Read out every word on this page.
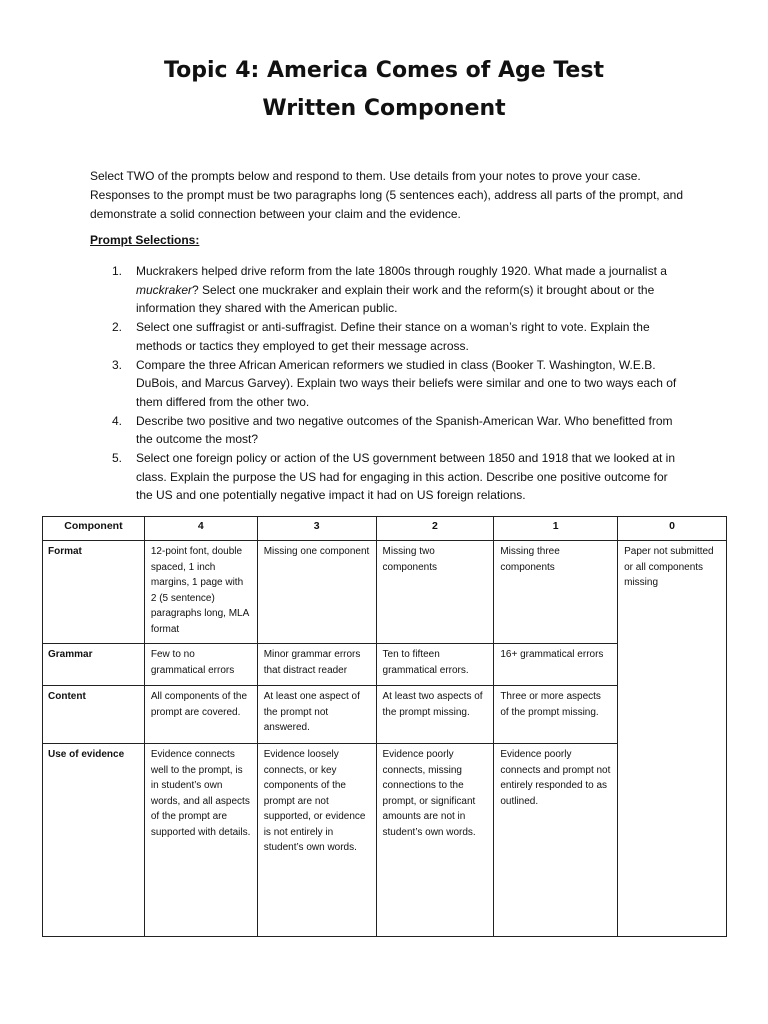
Topic 4: America Comes of Age Test
Written Component

Select TWO of the prompts below and respond to them. Use details from your notes to prove your case. Responses to the prompt must be two paragraphs long (5 sentences each), address all parts of the prompt, and demonstrate a solid connection between your claim and the evidence.

Prompt Selections:

1. Muckrakers helped drive reform from the late 1800s through roughly 1920. What made a journalist a muckraker? Select one muckraker and explain their work and the reform(s) it brought about or the information they shared with the American public.
2. Select one suffragist or anti-suffragist. Define their stance on a woman’s right to vote. Explain the methods or tactics they employed to get their message across.
3. Compare the three African American reformers we studied in class (Booker T. Washington, W.E.B. DuBois, and Marcus Garvey). Explain two ways their beliefs were similar and one to two ways each of them differed from the other two.
4. Describe two positive and two negative outcomes of the Spanish-American War. Who benefitted from the outcome the most?
5. Select one foreign policy or action of the US government between 1850 and 1918 that we looked at in class. Explain the purpose the US had for engaging in this action. Describe one positive outcome for the US and one potentially negative impact it had on US foreign relations.
Component	4	3	2	1	0
Format	12-point font, double spaced, 1 inch margins, 1 page with 2 (5 sentence) paragraphs long, MLA format	Missing one component	Missing two components	Missing three components	Paper not submitted or all components missing
Grammar	Few to no grammatical errors	Minor grammar errors that distract reader	Ten to fifteen grammatical errors.	16+ grammatical errors	
Content	All components of the prompt are covered.	At least one aspect of the prompt not answered.	At least two aspects of the prompt missing.	Three or more aspects of the prompt missing.	
Use of evidence	Evidence connects well to the prompt, is in student’s own words, and all aspects of the prompt are supported with details.	Evidence loosely connects, or key components of the prompt are not supported, or evidence is not entirely in student’s own words.	Evidence poorly connects, missing connections to the prompt, or significant amounts are not in student’s own words.	Evidence poorly connects and prompt not entirely responded to as outlined.	
